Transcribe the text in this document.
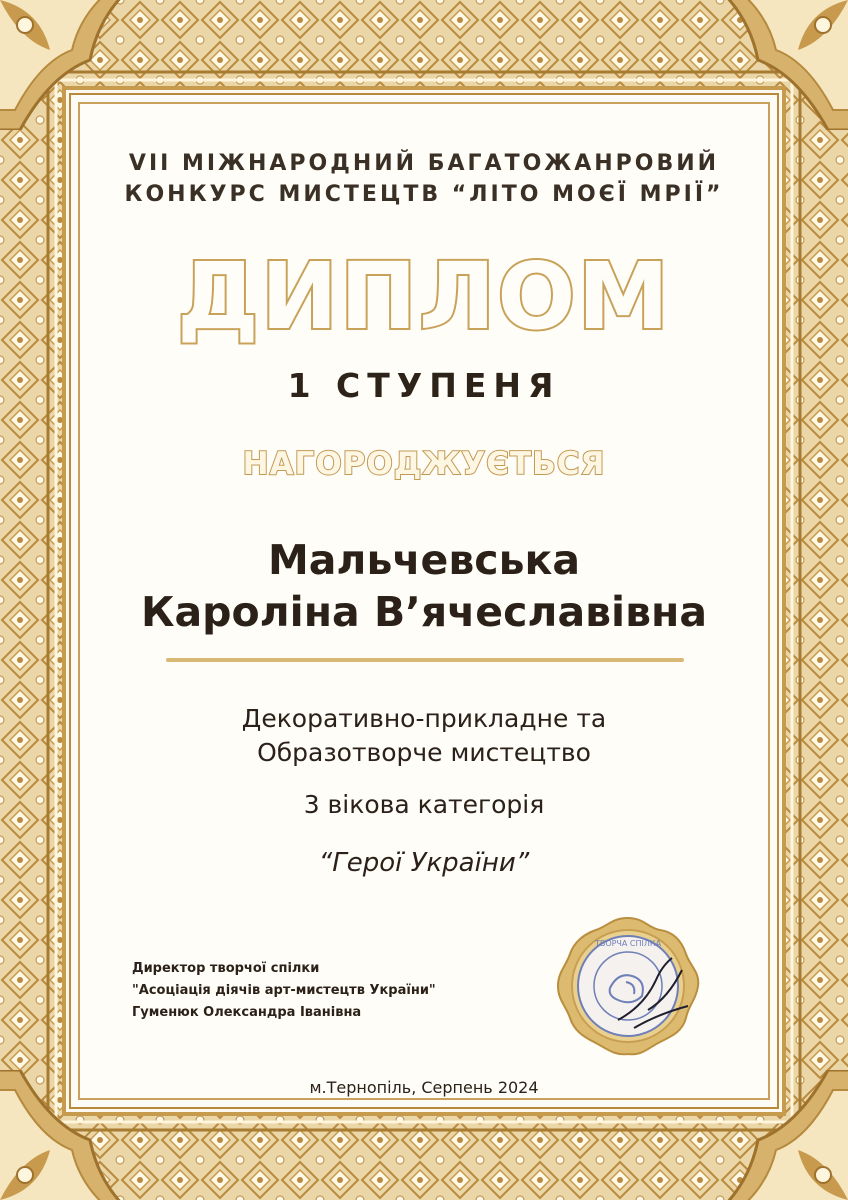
VII МІЖНАРОДНИЙ БАГАТОЖАНРОВИЙ
КОНКУРС МИСТЕЦТВ “ЛІТО МОЄЇ МРІЇ”
ДИПЛОМ
1 СТУПЕНЯ
НАГОРОДЖУЄТЬСЯ
Мальчевська
Кароліна В’ячеславівна
Декоративно-прикладне та
Образотворче мистецтво
3 вікова категорія
“Герої України”
Директор творчої спілки
"Асоціація діячів арт-мистецтв України"
Гуменюк Олександра Іванівна
ТВОРЧА СПІЛКА
м.Тернопіль, Серпень 2024
